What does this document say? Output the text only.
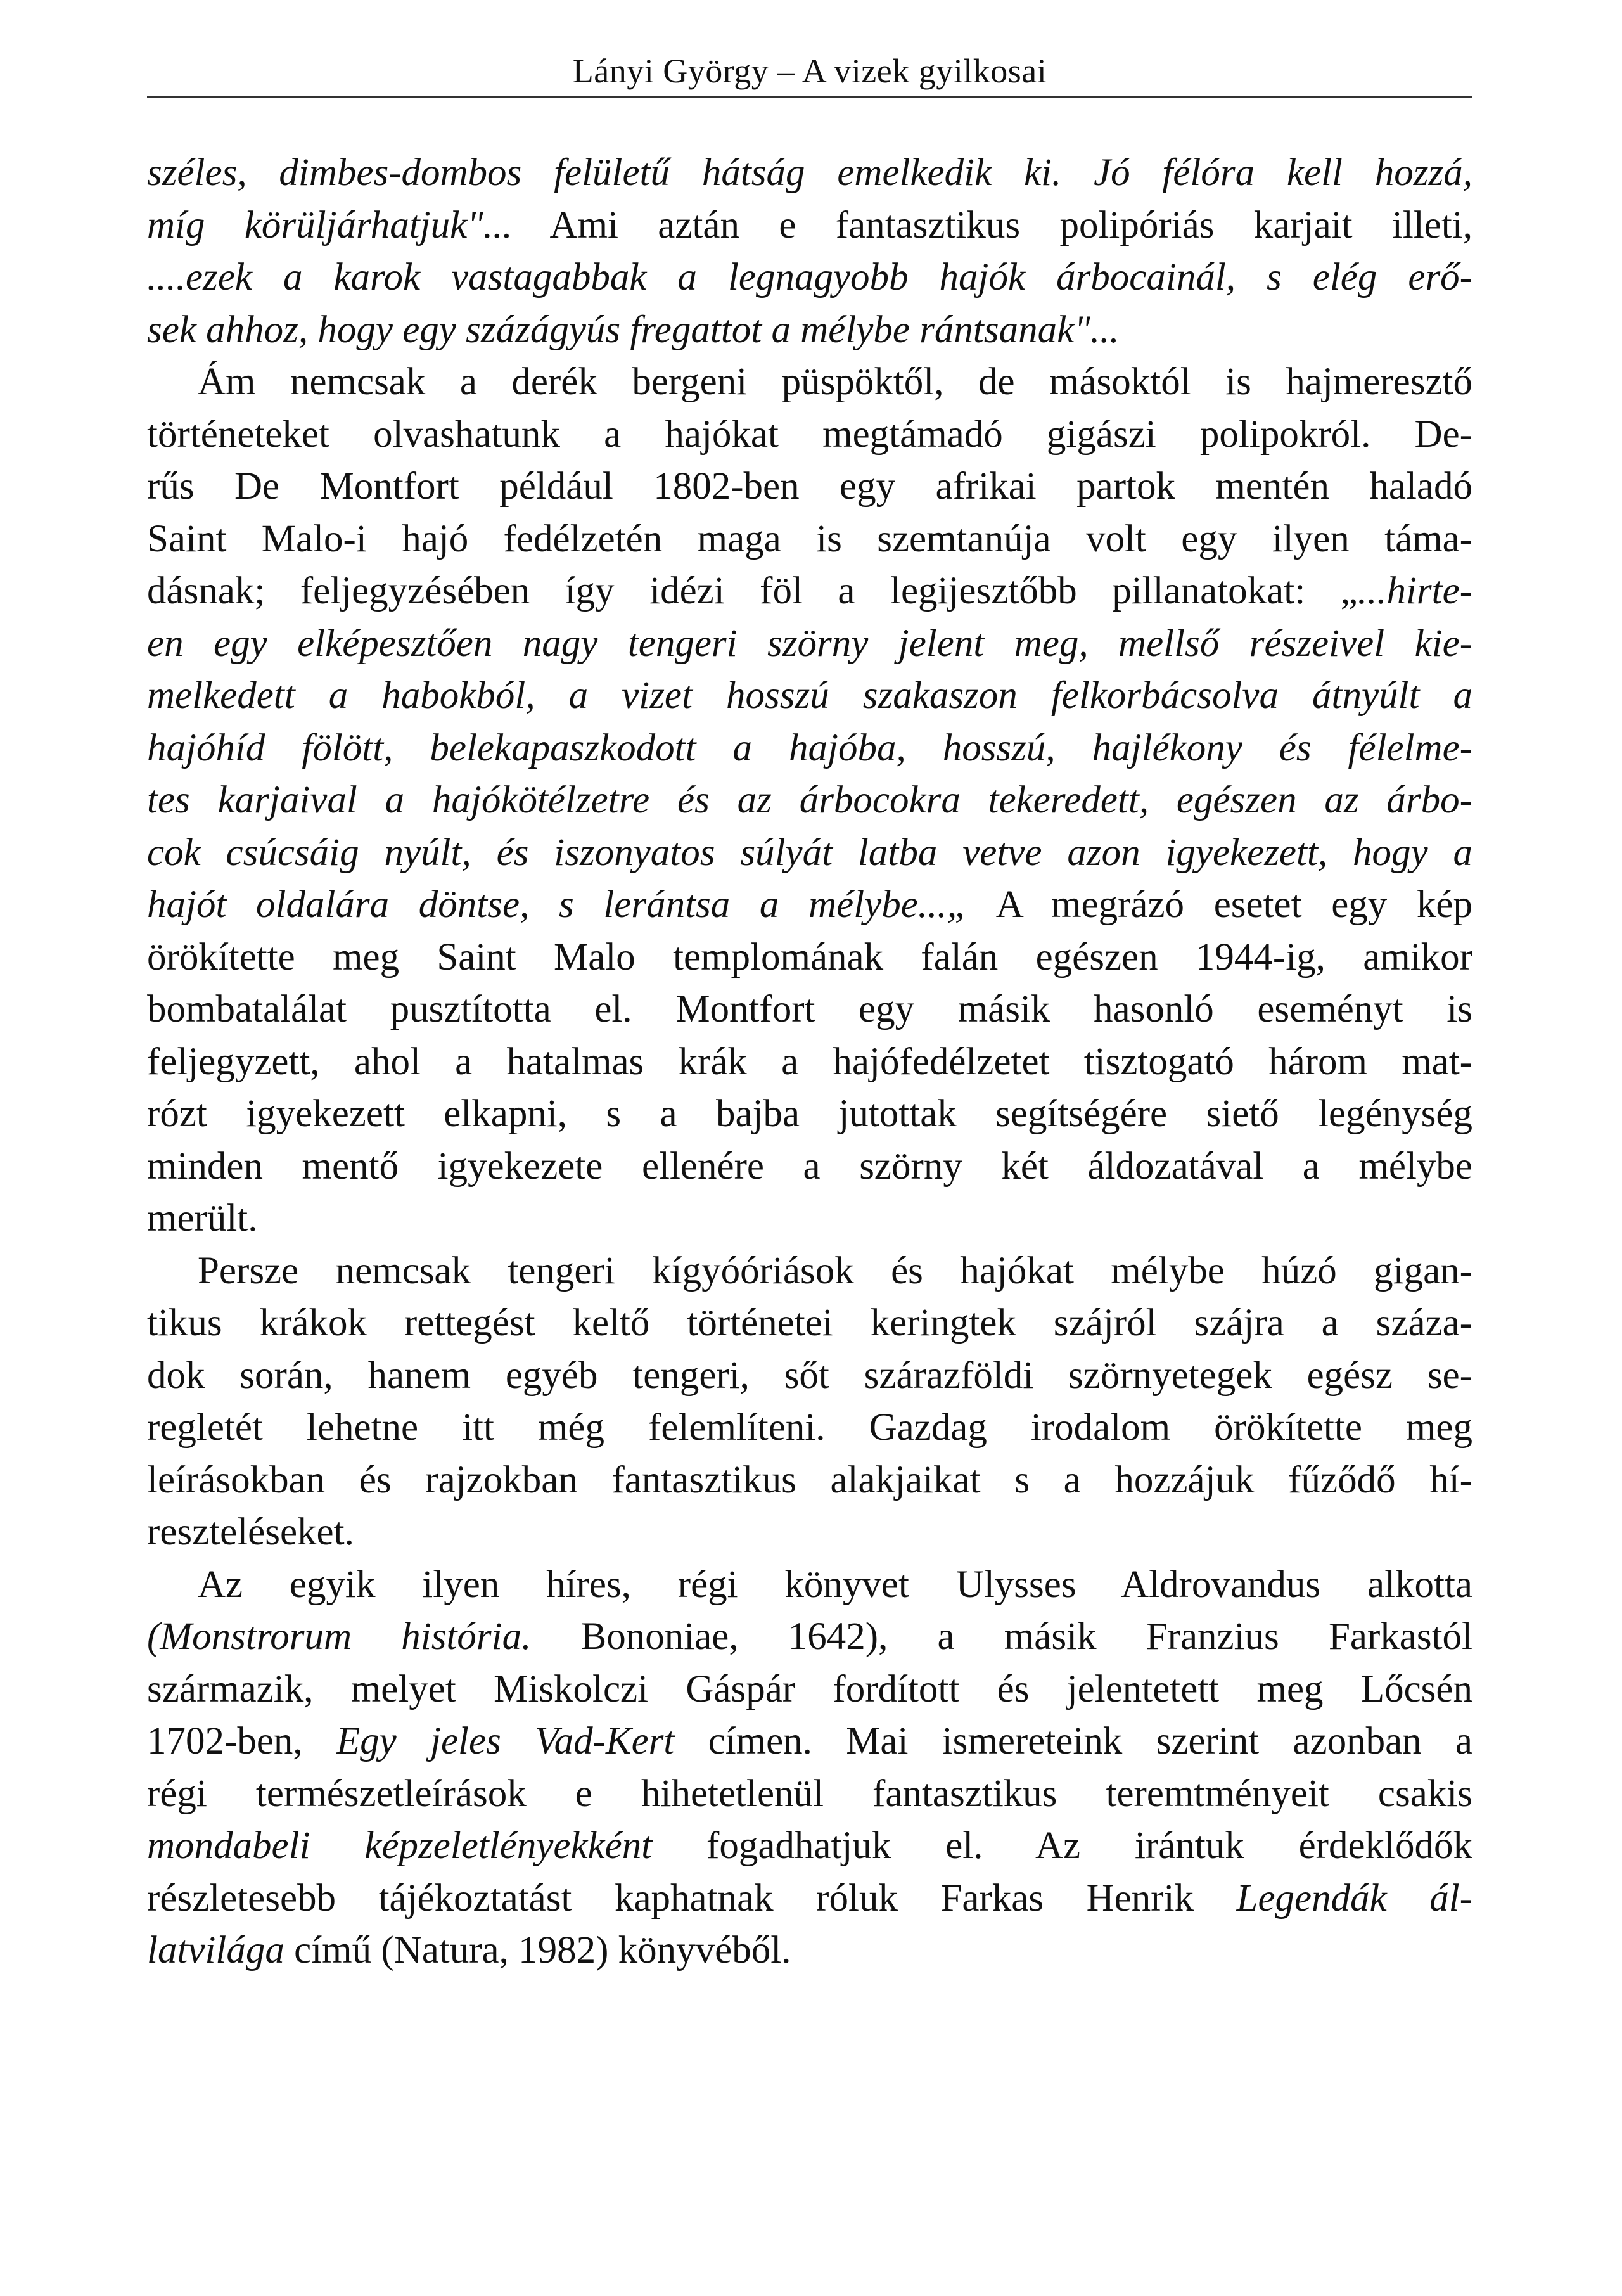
Lányi György – A vizek gyilkosai

széles, dimbes-dombos felületű hátság emelkedik ki. Jó félóra kell hozzá,
míg körüljárhatjuk"... Ami aztán e fantasztikus polipóriás karjait illeti,
....ezek a karok vastagabbak a legnagyobb hajók árbocainál, s elég erő-
sek ahhoz, hogy egy százágyús fregattot a mélybe rántsanak"...

Ám nemcsak a derék bergeni püspöktől, de másoktól is hajmeresztő
történeteket olvashatunk a hajókat megtámadó gigászi polipokról. De-
rűs De Montfort például 1802-ben egy afrikai partok mentén haladó
Saint Malo-i hajó fedélzetén maga is szemtanúja volt egy ilyen táma-
dásnak; feljegyzésében így idézi föl a legijesztőbb pillanatokat: „...hirte-
en egy elképesztően nagy tengeri szörny jelent meg, mellső részeivel kie-
melkedett a habokból, a vizet hosszú szakaszon felkorbácsolva átnyúlt a
hajóhíd fölött, belekapaszkodott a hajóba, hosszú, hajlékony és félelme-
tes karjaival a hajókötélzetre és az árbocokra tekeredett, egészen az árbo-
cok csúcsáig nyúlt, és iszonyatos súlyát latba vetve azon igyekezett, hogy a
hajót oldalára döntse, s lerántsa a mélybe...„ A megrázó esetet egy kép
örökítette meg Saint Malo templomának falán egészen 1944-ig, amikor
bombatalálat pusztította el. Montfort egy másik hasonló eseményt is
feljegyzett, ahol a hatalmas krák a hajófedélzetet tisztogató három mat-
rózt igyekezett elkapni, s a bajba jutottak segítségére siető legénység
minden mentő igyekezete ellenére a szörny két áldozatával a mélybe
merült.

Persze nemcsak tengeri kígyóóriások és hajókat mélybe húzó gigan-
tikus krákok rettegést keltő történetei keringtek szájról szájra a száza-
dok során, hanem egyéb tengeri, sőt szárazföldi szörnyetegek egész se-
regletét lehetne itt még felemlíteni. Gazdag irodalom örökítette meg
leírásokban és rajzokban fantasztikus alakjaikat s a hozzájuk fűződő hí-
reszteléseket.

Az egyik ilyen híres, régi könyvet Ulysses Aldrovandus alkotta
(Monstrorum história. Bononiae, 1642), a másik Franzius Farkastól
származik, melyet Miskolczi Gáspár fordított és jelentetett meg Lőcsén
1702-ben, Egy jeles Vad-Kert címen. Mai ismereteink szerint azonban a
régi természetleírások e hihetetlenül fantasztikus teremtményeit csakis
mondabeli képzeletlényekként fogadhatjuk el. Az irántuk érdeklődők
részletesebb tájékoztatást kaphatnak róluk Farkas Henrik Legendák ál-
latvilága című (Natura, 1982) könyvéből.
